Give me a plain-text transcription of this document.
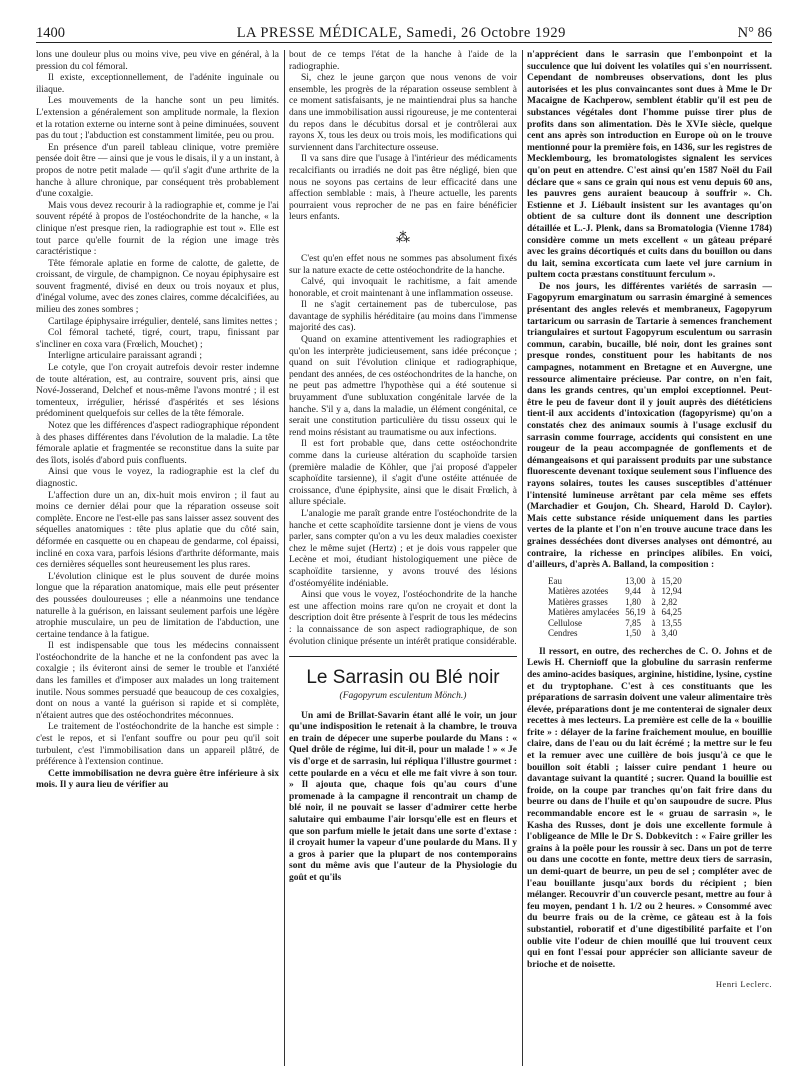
1400	LA PRESSE MÉDICALE, Samedi, 26 Octobre 1929	N° 86

lons une douleur plus ou moins vive, peu vive en général, à la pression du col fémoral.

Il existe, exceptionnellement, de l'adénite inguinale ou iliaque.

Les mouvements de la hanche sont un peu limités. L'extension a généralement son amplitude normale, la flexion et la rotation externe ou interne sont à peine diminuées, souvent pas du tout ; l'abduction est constamment limitée, peu ou prou.

En présence d'un pareil tableau clinique, votre première pensée doit être — ainsi que je vous le disais, il y a un instant, à propos de notre petit malade — qu'il s'agit d'une arthrite de la hanche à allure chronique, par conséquent très probablement d'une coxalgie.

Mais vous devez recourir à la radiographie et, comme je l'ai souvent répété à propos de l'ostéochondrite de la hanche, « la clinique n'est presque rien, la radiographie est tout ». Elle est tout parce qu'elle fournit de la région une image très caractéristique :

Tête fémorale aplatie en forme de calotte, de galette, de croissant, de virgule, de champignon. Ce noyau épiphysaire est souvent fragmenté, divisé en deux ou trois noyaux et plus, d'inégal volume, avec des zones claires, comme décalcifiées, au milieu des zones sombres ;

Cartilage épiphysaire irrégulier, dentelé, sans limites nettes ;

Col fémoral tacheté, tigré, court, trapu, finissant par s'incliner en coxa vara (Frœlich, Mouchet) ;

Interligne articulaire paraissant agrandi ;

Le cotyle, que l'on croyait autrefois devoir rester indemne de toute altération, est, au contraire, souvent pris, ainsi que Nové-Josserand, Delchef et nous-même l'avons montré ; il est tomenteux, irrégulier, hérissé d'aspérités et ses lésions prédominent quelquefois sur celles de la tête fémorale.

Notez que les différences d'aspect radiographique répondent à des phases différentes dans l'évolution de la maladie. La tête fémorale aplatie et fragmentée se reconstitue dans la suite par des îlots, isolés d'abord puis confluents.

Ainsi que vous le voyez, la radiographie est la clef du diagnostic.

L'affection dure un an, dix-huit mois environ ; il faut au moins ce dernier délai pour que la réparation osseuse soit complète. Encore ne l'est-elle pas sans laisser assez souvent des séquelles anatomiques : tête plus aplatie que du côté sain, déformée en casquette ou en chapeau de gendarme, col épaissi, incliné en coxa vara, parfois lésions d'arthrite déformante, mais ces dernières séquelles sont heureusement les plus rares.

L'évolution clinique est le plus souvent de durée moins longue que la réparation anatomique, mais elle peut présenter des poussées douloureuses ; elle a néanmoins une tendance naturelle à la guérison, en laissant seulement parfois une légère atrophie musculaire, un peu de limitation de l'abduction, une certaine tendance à la fatigue.

Il est indispensable que tous les médecins connaissent l'ostéochondrite de la hanche et ne la confondent pas avec la coxalgie ; ils éviteront ainsi de semer le trouble et l'anxiété dans les familles et d'imposer aux malades un long traitement inutile. Nous sommes persuadé que beaucoup de ces coxalgies, dont on nous a vanté la guérison si rapide et si complète, n'étaient autres que des ostéochondrites méconnues.

Le traitement de l'ostéochondrite de la hanche est simple : c'est le repos, et si l'enfant souffre ou pour peu qu'il soit turbulent, c'est l'immobilisation dans un appareil plâtré, de préférence à l'extension continue.

Cette immobilisation ne devra guère être inférieure à six mois. Il y aura lieu de vérifier au

bout de ce temps l'état de la hanche à l'aide de la radiographie.

Si, chez le jeune garçon que nous venons de voir ensemble, les progrès de la réparation osseuse semblent à ce moment satisfaisants, je ne maintiendrai plus sa hanche dans une immobilisation aussi rigoureuse, je me contenterai du repos dans le décubitus dorsal et je contrôlerai aux rayons X, tous les deux ou trois mois, les modifications qui surviennent dans l'architecture osseuse.

Il va sans dire que l'usage à l'intérieur des médicaments recalcifiants ou irradiés ne doit pas être négligé, bien que nous ne soyons pas certains de leur efficacité dans une affection semblable : mais, à l'heure actuelle, les parents pourraient vous reprocher de ne pas en faire bénéficier leurs enfants.

⁂

C'est qu'en effet nous ne sommes pas absolument fixés sur la nature exacte de cette ostéochondrite de la hanche.

Calvé, qui invoquait le rachitisme, a fait amende honorable, et croit maintenant à une inflammation osseuse.

Il ne s'agit certainement pas de tuberculose, pas davantage de syphilis héréditaire (au moins dans l'immense majorité des cas).

Quand on examine attentivement les radiographies et qu'on les interprète judicieusement, sans idée préconçue ; quand on suit l'évolution clinique et radiographique, pendant des années, de ces ostéochondrites de la hanche, on ne peut pas admettre l'hypothèse qui a été soutenue si bruyamment d'une subluxation congénitale larvée de la hanche. S'il y a, dans la maladie, un élément congénital, ce serait une constitution particulière du tissu osseux qui le rend moins résistant au traumatisme ou aux infections.

Il est fort probable que, dans cette ostéochondrite comme dans la curieuse altération du scaphoïde tarsien (première maladie de Köhler, que j'ai proposé d'appeler scaphoïdite tarsienne), il s'agit d'une ostéite atténuée de croissance, d'une épiphysite, ainsi que le disait Frœlich, à allure spéciale.

L'analogie me paraît grande entre l'ostéochondrite de la hanche et cette scaphoïdite tarsienne dont je viens de vous parler, sans compter qu'on a vu les deux maladies coexister chez le même sujet (Hertz) ; et je dois vous rappeler que Lecène et moi, étudiant histologiquement une pièce de scaphoïdite tarsienne, y avons trouvé des lésions d'ostéomyélite indéniable.

Ainsi que vous le voyez, l'ostéochondrite de la hanche est une affection moins rare qu'on ne croyait et dont la description doit être présente à l'esprit de tous les médecins : la connaissance de son aspect radiographique, de son évolution clinique présente un intérêt pratique considérable.

Le Sarrasin ou Blé noir
(Fagopyrum esculentum Mönch.)

Un ami de Brillat-Savarin étant allé le voir, un jour qu'une indisposition le retenait à la chambre, le trouva en train de dépecer une superbe poularde du Mans : « Quel drôle de régime, lui dit-il, pour un malade ! » « Je vis d'orge et de sarrasin, lui répliqua l'illustre gourmet : cette poularde en a vécu et elle me fait vivre à son tour. » Il ajouta que, chaque fois qu'au cours d'une promenade à la campagne il rencontrait un champ de blé noir, il ne pouvait se lasser d'admirer cette herbe salutaire qui embaume l'air lorsqu'elle est en fleurs et que son parfum mielle le jetait dans une sorte d'extase : il croyait humer la vapeur d'une poularde du Mans. Il y a gros à parier que la plupart de nos contemporains sont du même avis que l'auteur de la Physiologie du goût et qu'ils

n'apprécient dans le sarrasin que l'embonpoint et la succulence que lui doivent les volatiles qui s'en nourrissent. Cependant de nombreuses observations, dont les plus autorisées et les plus convaincantes sont dues à Mme le Dr Macaigne de Kachperow, semblent établir qu'il est peu de substances végétales dont l'homme puisse tirer plus de profits dans son alimentation. Dès le XVIe siècle, quelque cent ans après son introduction en Europe où on le trouve mentionné pour la première fois, en 1436, sur les registres de Mecklembourg, les bromatologistes signalent les services qu'on peut en attendre. C'est ainsi qu'en 1587 Noël du Fail déclare que « sans ce grain qui nous est venu depuis 60 ans, les pauvres gens auraient beaucoup à souffrir ». Ch. Estienne et J. Liébault insistent sur les avantages qu'on obtient de sa culture dont ils donnent une description détaillée et L.-J. Plenk, dans sa Bromatologia (Vienne 1784) considère comme un mets excellent « un gâteau préparé avec les grains décortiqués et cuits dans du bouillon ou dans du lait, semina excorticata cum laete vel jure carnium in pultem cocta præstans constituunt ferculum ».

De nos jours, les différentes variétés de sarrasin — Fagopyrum emarginatum ou sarrasin émarginé à semences présentant des angles relevés et membraneux, Fagopyrum tartaricum ou sarrasin de Tartarie à semences franchement triangulaires et surtout Fagopyrum esculentum ou sarrasin commun, carabin, bucaille, blé noir, dont les graines sont presque rondes, constituent pour les habitants de nos campagnes, notamment en Bretagne et en Auvergne, une ressource alimentaire précieuse. Par contre, on n'en fait, dans les grands centres, qu'un emploi exceptionnel. Peut-être le peu de faveur dont il y jouit auprès des diététiciens tient-il aux accidents d'intoxication (fagopyrisme) qu'on a constatés chez des animaux soumis à l'usage exclusif du sarrasin comme fourrage, accidents qui consistent en une rougeur de la peau accompagnée de gonflements et de démangeaisons et qui paraissent produits par une substance fluorescente devenant toxique seulement sous l'influence des rayons solaires, toutes les causes susceptibles d'atténuer l'intensité lumineuse arrêtant par cela même ses effets (Marchadier et Goujon, Ch. Sheard, Harold D. Caylor). Mais cette substance réside uniquement dans les parties vertes de la plante et l'on n'en trouve aucune trace dans les graines desséchées dont diverses analyses ont démontré, au contraire, la richesse en principes alibiles. En voici, d'ailleurs, d'après A. Balland, la composition :

Eau	13,00	à	15,20
Matières azotées	9,44	à	12,94
Matières grasses	1,80	à	2,82
Matières amylacées	56,19	à	64,25
Cellulose	7,85	à	13,55
Cendres	1,50	à	3,40

Il ressort, en outre, des recherches de C. O. Johns et de Lewis H. Chernioff que la globuline du sarrasin renferme des amino-acides basiques, arginine, histidine, lysine, cystine et du tryptophane. C'est à ces constituants que les préparations de sarrasin doivent une valeur alimentaire très élevée, préparations dont je me contenterai de signaler deux recettes à mes lecteurs. La première est celle de la « bouillie frite » : délayer de la farine fraîchement moulue, en bouillie claire, dans de l'eau ou du lait écrémé ; la mettre sur le feu et la remuer avec une cuillère de bois jusqu'à ce que le bouillon soit établi ; laisser cuire pendant 1 heure ou davantage suivant la quantité ; sucrer. Quand la bouillie est froide, on la coupe par tranches qu'on fait frire dans du beurre ou dans de l'huile et qu'on saupoudre de sucre. Plus recommandable encore est le « gruau de sarrasin », le Kasha des Russes, dont je dois une excellente formule à l'obligeance de Mlle le Dr S. Dobkevitch : « Faire griller les grains à la poêle pour les roussir à sec. Dans un pot de terre ou dans une cocotte en fonte, mettre deux tiers de sarrasin, un demi-quart de beurre, un peu de sel ; compléter avec de l'eau bouillante jusqu'aux bords du récipient ; bien mélanger. Recouvrir d'un couvercle pesant, mettre au four à feu moyen, pendant 1 h. 1/2 ou 2 heures. » Consommé avec du beurre frais ou de la crème, ce gâteau est à la fois substantiel, roboratif et d'une digestibilité parfaite et l'on oublie vite l'odeur de chien mouillé que lui trouvent ceux qui en font l'essai pour apprécier son alliciante saveur de brioche et de noisette.

Henri Leclerc.
